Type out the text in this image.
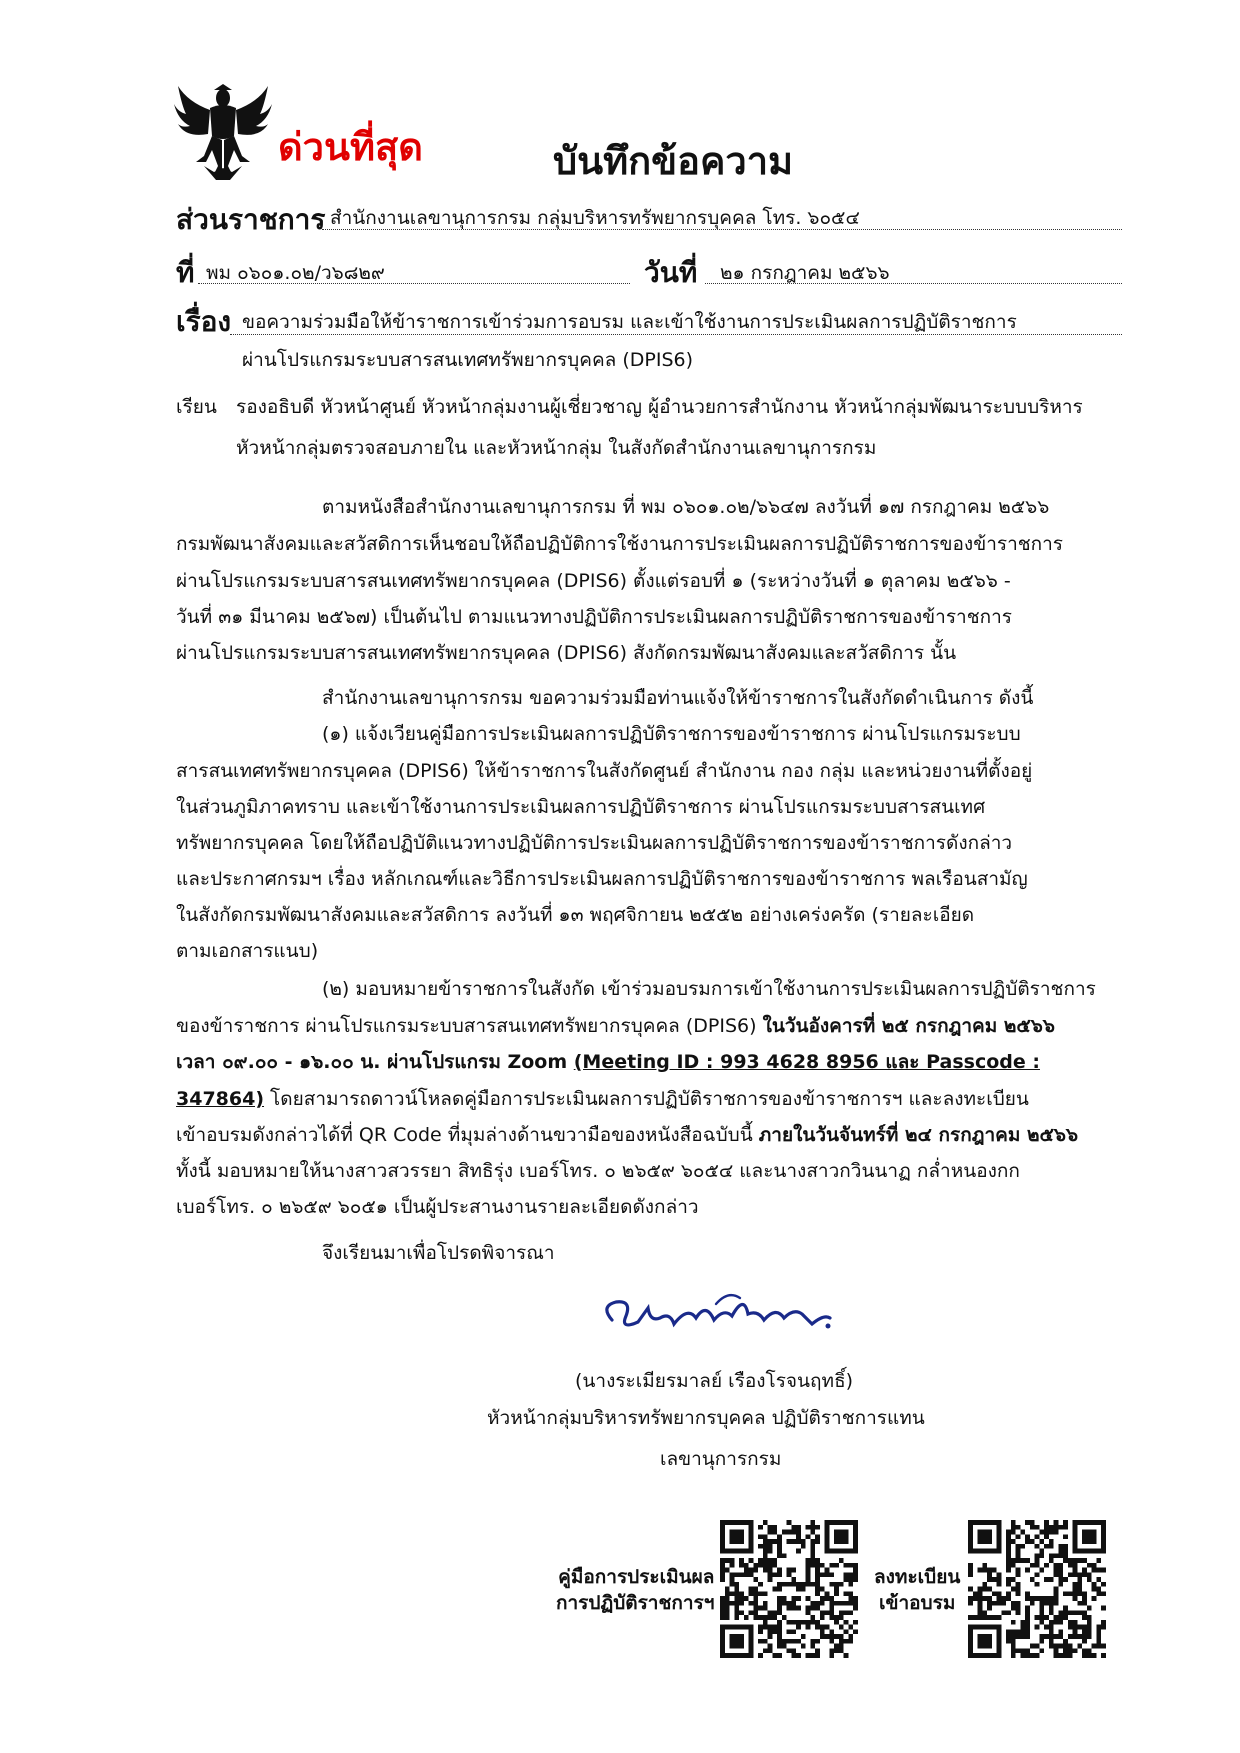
ด่วนที่สุด	บันทึกข้อความ
ส่วนราชการ สำนักงานเลขานุการกรม กลุ่มบริหารทรัพยากรบุคคล โทร. ๖๐๕๔
ที่ พม ๐๖๐๑.๐๒/ว๖๘๒๙	วันที่ ๒๑ กรกฎาคม ๒๕๖๖
เรื่อง ขอความร่วมมือให้ข้าราชการเข้าร่วมการอบรม และเข้าใช้งานการประเมินผลการปฏิบัติราชการ
ผ่านโปรแกรมระบบสารสนเทศทรัพยากรบุคคล (DPIS6)
เรียน รองอธิบดี หัวหน้าศูนย์ หัวหน้ากลุ่มงานผู้เชี่ยวชาญ ผู้อำนวยการสำนักงาน หัวหน้ากลุ่มพัฒนาระบบบริหาร
หัวหน้ากลุ่มตรวจสอบภายใน และหัวหน้ากลุ่ม ในสังกัดสำนักงานเลขานุการกรม
ตามหนังสือสำนักงานเลขานุการกรม ที่ พม ๐๖๐๑.๐๒/๖๖๔๗ ลงวันที่ ๑๗ กรกฎาคม ๒๕๖๖
กรมพัฒนาสังคมและสวัสดิการเห็นชอบให้ถือปฏิบัติการใช้งานการประเมินผลการปฏิบัติราชการของข้าราชการ
ผ่านโปรแกรมระบบสารสนเทศทรัพยากรบุคคล (DPIS6) ตั้งแต่รอบที่ ๑ (ระหว่างวันที่ ๑ ตุลาคม ๒๕๖๖ -
วันที่ ๓๑ มีนาคม ๒๕๖๗) เป็นต้นไป ตามแนวทางปฏิบัติการประเมินผลการปฏิบัติราชการของข้าราชการ
ผ่านโปรแกรมระบบสารสนเทศทรัพยากรบุคคล (DPIS6) สังกัดกรมพัฒนาสังคมและสวัสดิการ นั้น
สำนักงานเลขานุการกรม ขอความร่วมมือท่านแจ้งให้ข้าราชการในสังกัดดำเนินการ ดังนี้
(๑) แจ้งเวียนคู่มือการประเมินผลการปฏิบัติราชการของข้าราชการ ผ่านโปรแกรมระบบ
สารสนเทศทรัพยากรบุคคล (DPIS6) ให้ข้าราชการในสังกัดศูนย์ สำนักงาน กอง กลุ่ม และหน่วยงานที่ตั้งอยู่
ในส่วนภูมิภาคทราบ และเข้าใช้งานการประเมินผลการปฏิบัติราชการ ผ่านโปรแกรมระบบสารสนเทศ
ทรัพยากรบุคคล โดยให้ถือปฏิบัติแนวทางปฏิบัติการประเมินผลการปฏิบัติราชการของข้าราชการดังกล่าว
และประกาศกรมฯ เรื่อง หลักเกณฑ์และวิธีการประเมินผลการปฏิบัติราชการของข้าราชการ พลเรือนสามัญ
ในสังกัดกรมพัฒนาสังคมและสวัสดิการ ลงวันที่ ๑๓ พฤศจิกายน ๒๕๕๒ อย่างเคร่งครัด (รายละเอียด
ตามเอกสารแนบ)
(๒) มอบหมายข้าราชการในสังกัด เข้าร่วมอบรมการเข้าใช้งานการประเมินผลการปฏิบัติราชการ
ของข้าราชการ ผ่านโปรแกรมระบบสารสนเทศทรัพยากรบุคคล (DPIS6) ในวันอังคารที่ ๒๕ กรกฎาคม ๒๕๖๖
เวลา ๐๙.๐๐ - ๑๖.๐๐ น. ผ่านโปรแกรม Zoom (Meeting ID : 993 4628 8956 และ Passcode :
347864) โดยสามารถดาวน์โหลดคู่มือการประเมินผลการปฏิบัติราชการของข้าราชการฯ และลงทะเบียน
เข้าอบรมดังกล่าวได้ที่ QR Code ที่มุมล่างด้านขวามือของหนังสือฉบับนี้ ภายในวันจันทร์ที่ ๒๔ กรกฎาคม ๒๕๖๖
ทั้งนี้ มอบหมายให้นางสาวสวรรยา สิทธิรุ่ง เบอร์โทร. ๐ ๒๖๕๙ ๖๐๕๔ และนางสาวกวินนาฏ กล่ำหนองกก
เบอร์โทร. ๐ ๒๖๕๙ ๖๐๕๑ เป็นผู้ประสานงานรายละเอียดดังกล่าว
จึงเรียนมาเพื่อโปรดพิจารณา
(นางระเมียรมาลย์ เรืองโรจนฤทธิ์)
หัวหน้ากลุ่มบริหารทรัพยากรบุคคล ปฏิบัติราชการแทน
เลขานุการกรม
คู่มือการประเมินผล
การปฏิบัติราชการฯ
ลงทะเบียน
เข้าอบรม
